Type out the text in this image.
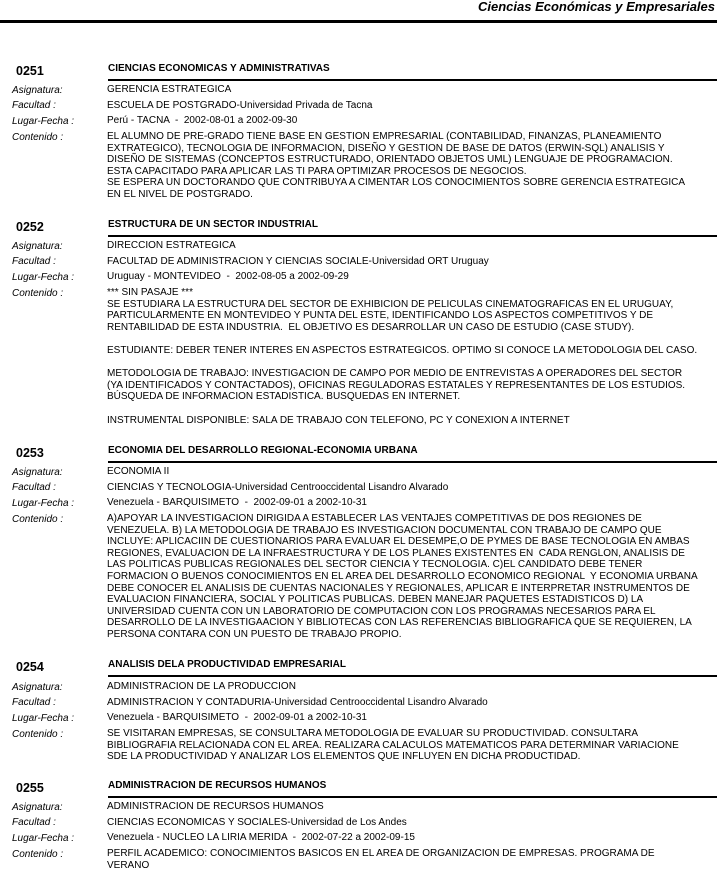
Ciencias Económicas y Empresariales
0251	CIENCIAS ECONOMICAS Y ADMINISTRATIVAS
Asignatura:	GERENCIA ESTRATEGICA
Facultad :	ESCUELA DE POSTGRADO-Universidad Privada de Tacna
Lugar-Fecha :	Perú - TACNA  -  2002-08-01 a 2002-09-30
Contenido :	EL ALUMNO DE PRE-GRADO TIENE BASE EN GESTION EMPRESARIAL (CONTABILIDAD, FINANZAS, PLANEAMIENTO
EXTRATEGICO), TECNOLOGIA DE INFORMACION, DISEÑO Y GESTION DE BASE DE DATOS (ERWIN-SQL) ANALISIS Y
DISEÑO DE SISTEMAS (CONCEPTOS ESTRUCTURADO, ORIENTADO OBJETOS UML) LENGUAJE DE PROGRAMACION.
ESTA CAPACITADO PARA APLICAR LAS TI PARA OPTIMIZAR PROCESOS DE NEGOCIOS.
SE ESPERA UN DOCTORANDO QUE CONTRIBUYA A CIMENTAR LOS CONOCIMIENTOS SOBRE GERENCIA ESTRATEGICA
EN EL NIVEL DE POSTGRADO.
0252	ESTRUCTURA DE UN SECTOR INDUSTRIAL
Asignatura:	DIRECCION ESTRATEGICA
Facultad :	FACULTAD DE ADMINISTRACION Y CIENCIAS SOCIALE-Universidad ORT Uruguay
Lugar-Fecha :	Uruguay - MONTEVIDEO  -  2002-08-05 a 2002-09-29
Contenido :	*** SIN PASAJE ***
SE ESTUDIARA LA ESTRUCTURA DEL SECTOR DE EXHIBICION DE PELICULAS CINEMATOGRAFICAS EN EL URUGUAY,
PARTICULARMENTE EN MONTEVIDEO Y PUNTA DEL ESTE, IDENTIFICANDO LOS ASPECTOS COMPETITIVOS Y DE
RENTABILIDAD DE ESTA INDUSTRIA.  EL OBJETIVO ES DESARROLLAR UN CASO DE ESTUDIO (CASE STUDY).

ESTUDIANTE: DEBER TENER INTERES EN ASPECTOS ESTRATEGICOS. OPTIMO SI CONOCE LA METODOLOGIA DEL CASO.

METODOLOGIA DE TRABAJO: INVESTIGACION DE CAMPO POR MEDIO DE ENTREVISTAS A OPERADORES DEL SECTOR
(YA IDENTIFICADOS Y CONTACTADOS), OFICINAS REGULADORAS ESTATALES Y REPRESENTANTES DE LOS ESTUDIOS.
BÚSQUEDA DE INFORMACION ESTADISTICA. BUSQUEDAS EN INTERNET.

INSTRUMENTAL DISPONIBLE: SALA DE TRABAJO CON TELEFONO, PC Y CONEXION A INTERNET
0253	ECONOMIA DEL DESARROLLO REGIONAL-ECONOMIA URBANA
Asignatura:	ECONOMIA II
Facultad :	CIENCIAS Y TECNOLOGIA-Universidad Centrooccidental Lisandro Alvarado
Lugar-Fecha :	Venezuela - BARQUISIMETO  -  2002-09-01 a 2002-10-31
Contenido :	A)APOYAR LA INVESTIGACION DIRIGIDA A ESTABLECER LAS VENTAJES COMPETITIVAS DE DOS REGIONES DE
VENEZUELA. B) LA METODOLOGIA DE TRABAJO ES INVESTIGACION DOCUMENTAL CON TRABAJO DE CAMPO QUE
INCLUYE: APLICACIIN DE CUESTIONARIOS PARA EVALUAR EL DESEMPE,O DE PYMES DE BASE TECNOLOGIA EN AMBAS
REGIONES, EVALUACION DE LA INFRAESTRUCTURA Y DE LOS PLANES EXISTENTES EN  CADA RENGLON, ANALISIS DE
LAS POLITICAS PUBLICAS REGIONALES DEL SECTOR CIENCIA Y TECNOLOGIA. C)EL CANDIDATO DEBE TENER
FORMACION O BUENOS CONOCIMIENTOS EN EL AREA DEL DESARROLLO ECONOMICO REGIONAL  Y ECONOMIA URBANA
DEBE CONOCER EL ANALISIS DE CUENTAS NACIONALES Y REGIONALES, APLICAR E INTERPRETAR INSTRUMENTOS DE
EVALUACION FINANCIERA, SOCIAL Y POLITICAS PUBLICAS. DEBEN MANEJAR PAQUETES ESTADISTICOS D) LA
UNIVERSIDAD CUENTA CON UN LABORATORIO DE COMPUTACION CON LOS PROGRAMAS NECESARIOS PARA EL
DESARROLLO DE LA INVESTIGAACION Y BIBLIOTECAS CON LAS REFERENCIAS BIBLIOGRAFICA QUE SE REQUIEREN, LA
PERSONA CONTARA CON UN PUESTO DE TRABAJO PROPIO.
0254	ANALISIS DELA PRODUCTIVIDAD EMPRESARIAL
Asignatura:	ADMINISTRACION DE LA PRODUCCION
Facultad :	ADMINISTRACION Y CONTADURIA-Universidad Centrooccidental Lisandro Alvarado
Lugar-Fecha :	Venezuela - BARQUISIMETO  -  2002-09-01 a 2002-10-31
Contenido :	SE VISITARAN EMPRESAS, SE CONSULTARA METODOLOGIA DE EVALUAR SU PRODUCTIVIDAD. CONSULTARA
BIBLIOGRAFIA RELACIONADA CON EL AREA. REALIZARA CALACULOS MATEMATICOS PARA DETERMINAR VARIACIONE
SDE LA PRODUCTIVIDAD Y ANALIZAR LOS ELEMENTOS QUE INFLUYEN EN DICHA PRODUCTIDAD.
0255	ADMINISTRACION DE RECURSOS HUMANOS
Asignatura:	ADMINISTRACION DE RECURSOS HUMANOS
Facultad :	CIENCIAS ECONOMICAS Y SOCIALES-Universidad de Los Andes
Lugar-Fecha :	Venezuela - NUCLEO LA LIRIA MERIDA  -  2002-07-22 a 2002-09-15
Contenido :	PERFIL ACADEMICO: CONOCIMIENTOS BASICOS EN EL AREA DE ORGANIZACION DE EMPRESAS. PROGRAMA DE
VERANO
